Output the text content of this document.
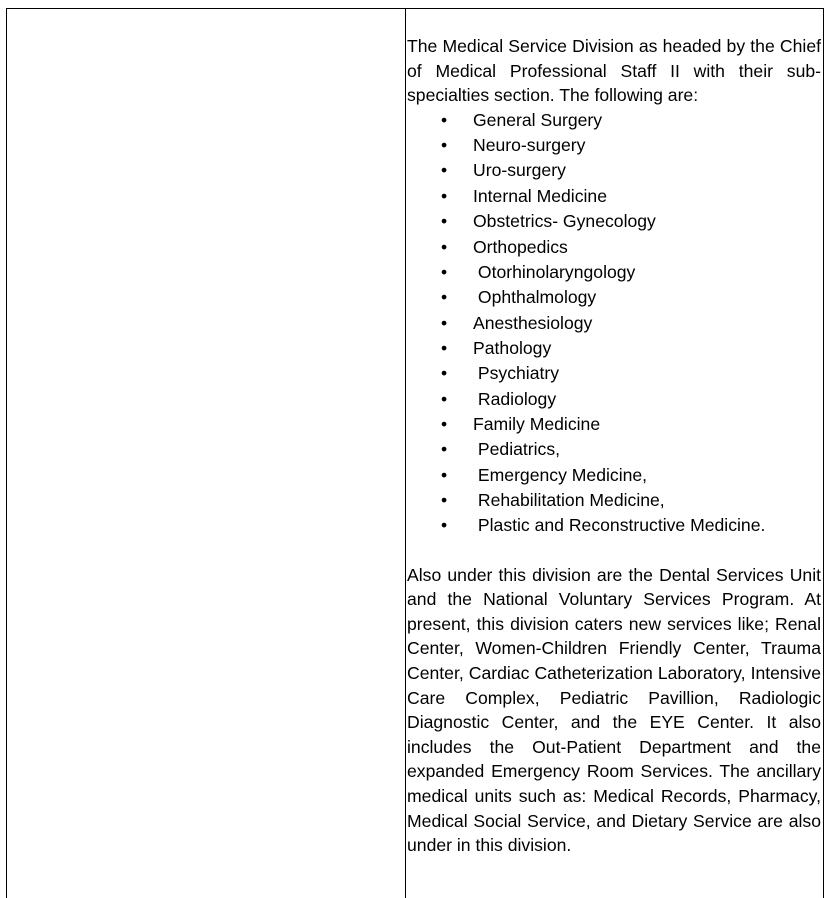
The Medical Service Division as headed by the Chief of Medical Professional Staff II with their sub-specialties section. The following are:

• General Surgery
• Neuro-surgery
• Uro-surgery
• Internal Medicine
• Obstetrics- Gynecology
• Orthopedics
• Otorhinolaryngology
• Ophthalmology
• Anesthesiology
• Pathology
• Psychiatry
• Radiology
• Family Medicine
• Pediatrics,
• Emergency Medicine,
• Rehabilitation Medicine,
• Plastic and Reconstructive Medicine.

Also under this division are the Dental Services Unit and the National Voluntary Services Program. At present, this division caters new services like; Renal Center, Women-Children Friendly Center, Trauma Center, Cardiac Catheterization Laboratory, Intensive Care Complex, Pediatric Pavillion, Radiologic Diagnostic Center, and the EYE Center. It also includes the Out-Patient Department and the expanded Emergency Room Services. The ancillary medical units such as: Medical Records, Pharmacy, Medical Social Service, and Dietary Service are also under in this division.
